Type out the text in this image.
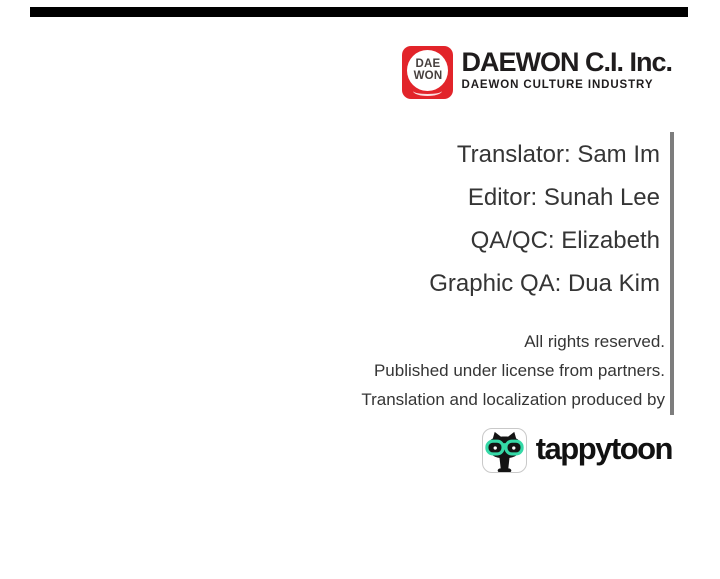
DAE
WON DAEWON C.I. Inc.
DAEWON CULTURE INDUSTRY
Translator: Sam Im
Editor: Sunah Lee
QA/QC: Elizabeth
Graphic QA: Dua Kim
All rights reserved.
Published under license from partners.
Translation and localization produced by
tappytoon
